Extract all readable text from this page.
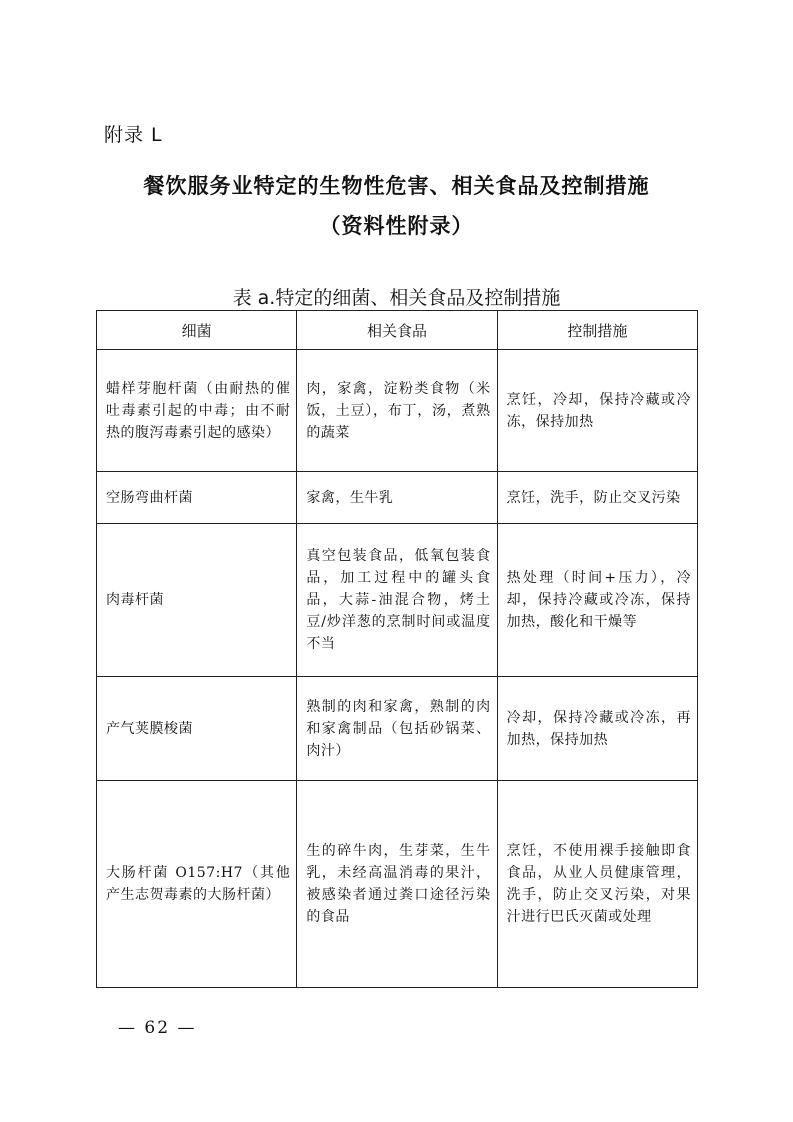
附录 L
餐饮服务业特定的生物性危害、相关食品及控制措施
（资料性附录）
表 a.特定的细菌、相关食品及控制措施
细菌	相关食品	控制措施
蜡样芽胞杆菌（由耐热的催吐毒素引起的中毒；由不耐热的腹泻毒素引起的感染）	肉，家禽，淀粉类食物（米饭，土豆），布丁，汤，煮熟的蔬菜	烹饪，冷却，保持冷藏或冷冻，保持加热
空肠弯曲杆菌	家禽，生牛乳	烹饪，洗手，防止交叉污染
肉毒杆菌	真空包装食品，低氧包装食品，加工过程中的罐头食品，大蒜-油混合物，烤土豆/炒洋葱的烹制时间或温度不当	热处理（时间+压力），冷却，保持冷藏或冷冻，保持加热，酸化和干燥等
产气荚膜梭菌	熟制的肉和家禽，熟制的肉和家禽制品（包括砂锅菜、肉汁）	冷却，保持冷藏或冷冻，再加热，保持加热
大肠杆菌 O157:H7（其他产生志贺毒素的大肠杆菌）	生的碎牛肉，生芽菜，生牛乳，未经高温消毒的果汁，被感染者通过粪口途径污染的食品	烹饪，不使用裸手接触即食食品，从业人员健康管理，洗手，防止交叉污染，对果汁进行巴氏灭菌或处理
— 62 —
